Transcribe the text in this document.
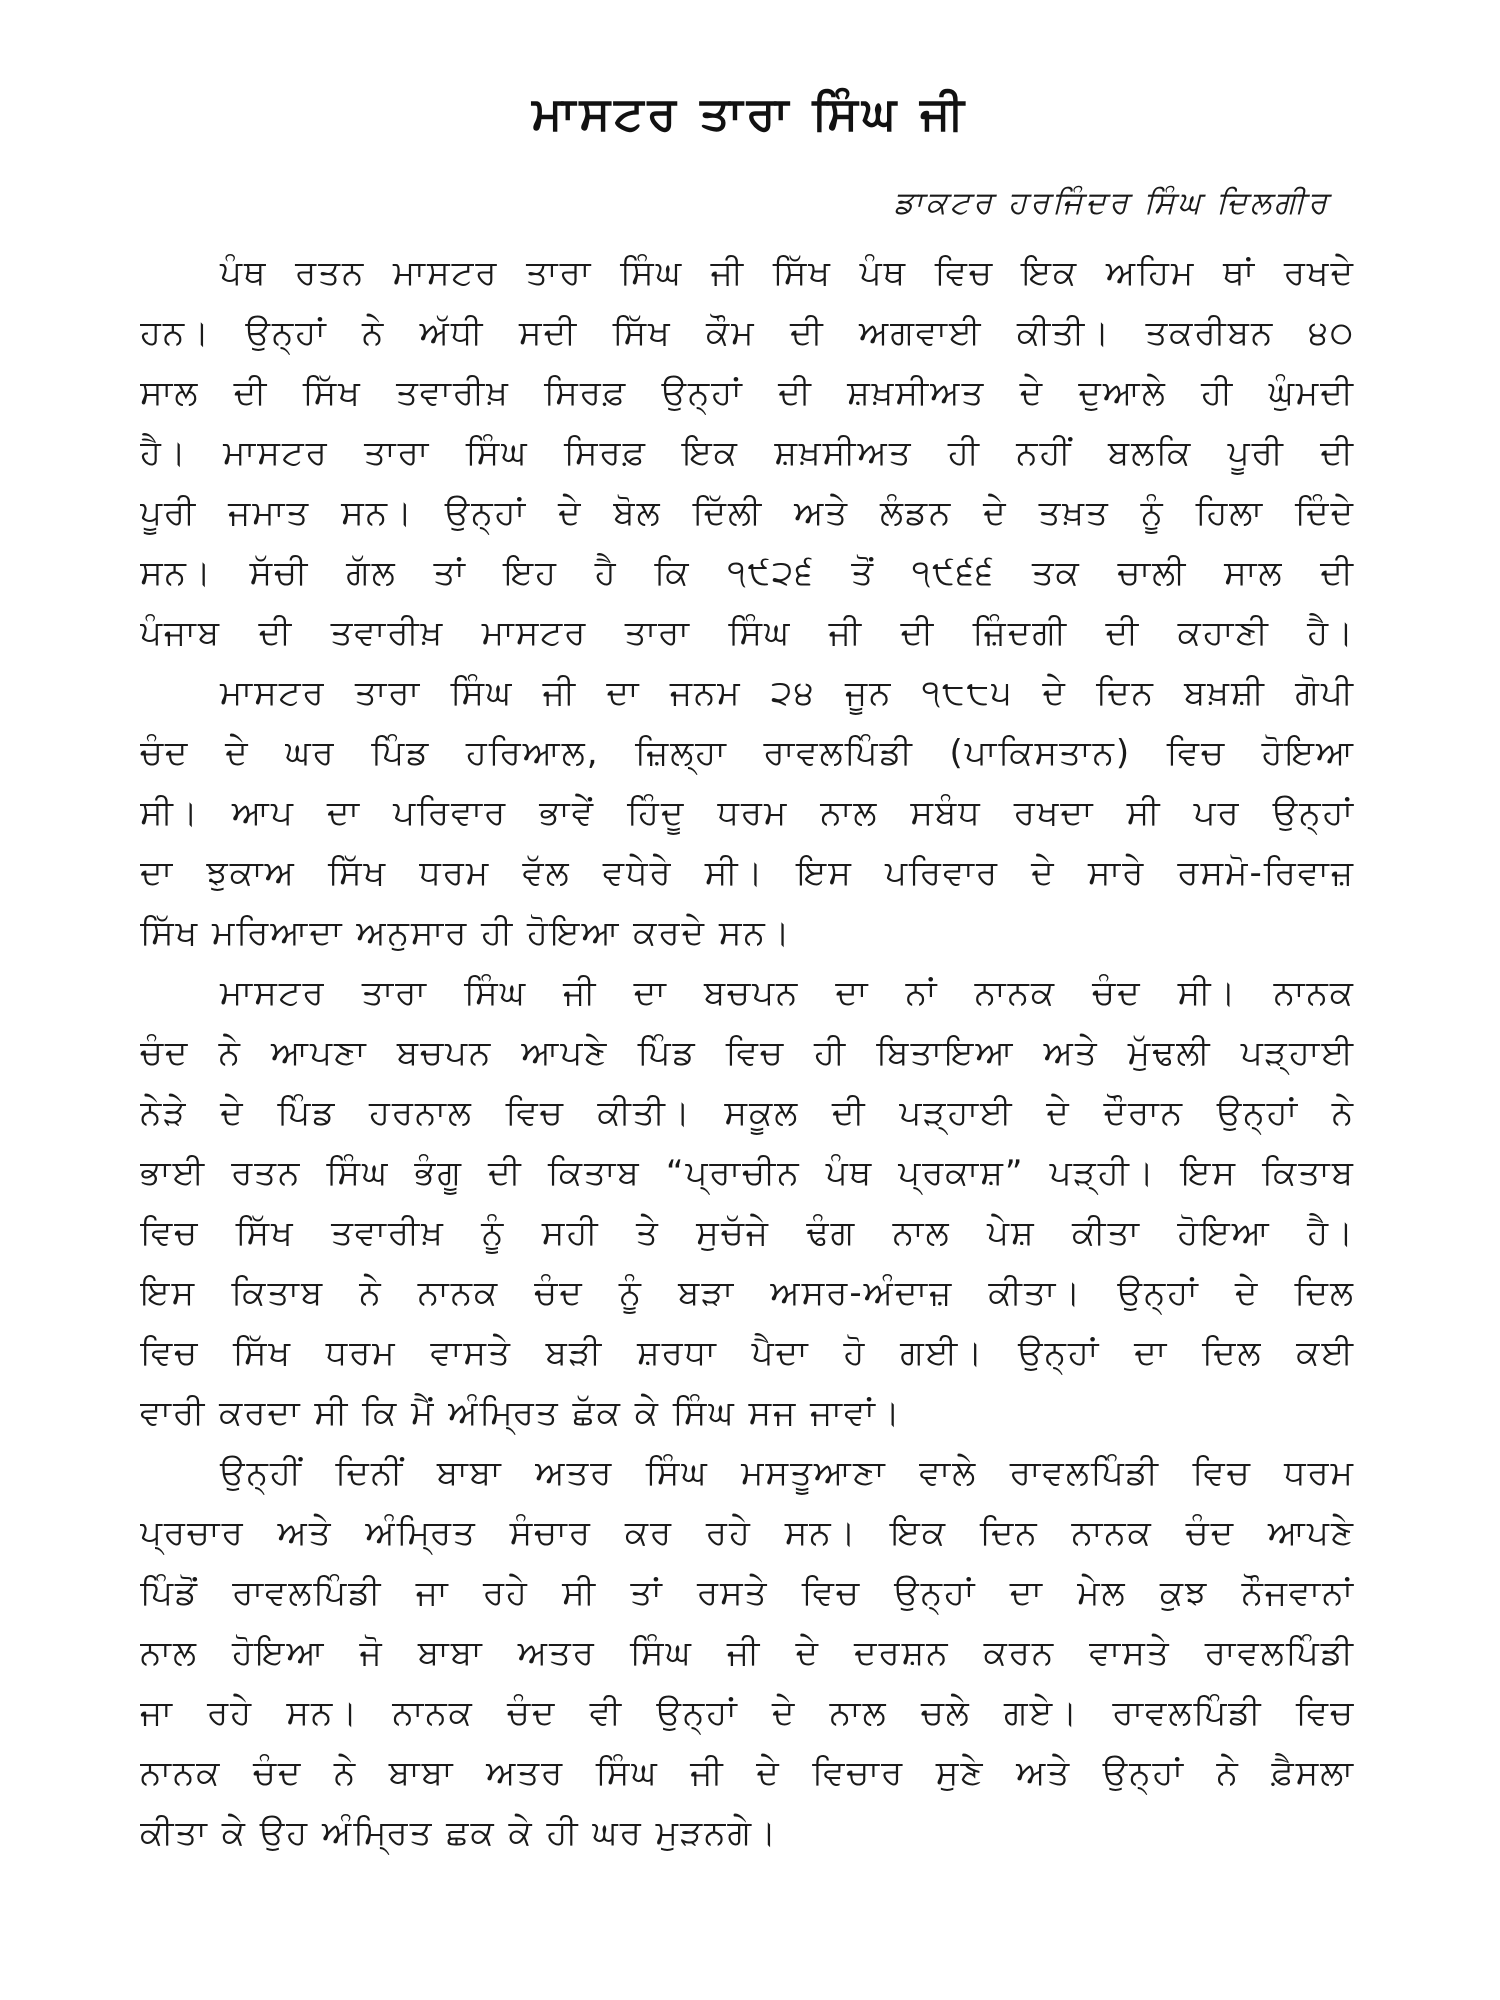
ਮਾਸਟਰ ਤਾਰਾ ਸਿੰਘ ਜੀ
ਡਾਕਟਰ ਹਰਜਿੰਦਰ ਸਿੰਘ ਦਿਲਗੀਰ
ਪੰਥ ਰਤਨ ਮਾਸਟਰ ਤਾਰਾ ਸਿੰਘ ਜੀ ਸਿੱਖ ਪੰਥ ਵਿਚ ਇਕ ਅਹਿਮ ਥਾਂ ਰਖਦੇ
ਹਨ। ਉਨ੍ਹਾਂ ਨੇ ਅੱਧੀ ਸਦੀ ਸਿੱਖ ਕੌਮ ਦੀ ਅਗਵਾਈ ਕੀਤੀ। ਤਕਰੀਬਨ ੪੦
ਸਾਲ ਦੀ ਸਿੱਖ ਤਵਾਰੀਖ਼ ਸਿਰਫ਼ ਉਨ੍ਹਾਂ ਦੀ ਸ਼ਖ਼ਸੀਅਤ ਦੇ ਦੁਆਲੇ ਹੀ ਘੁੰਮਦੀ
ਹੈ। ਮਾਸਟਰ ਤਾਰਾ ਸਿੰਘ ਸਿਰਫ਼ ਇਕ ਸ਼ਖ਼ਸੀਅਤ ਹੀ ਨਹੀਂ ਬਲਕਿ ਪੂਰੀ ਦੀ
ਪੂਰੀ ਜਮਾਤ ਸਨ। ਉਨ੍ਹਾਂ ਦੇ ਬੋਲ ਦਿੱਲੀ ਅਤੇ ਲੰਡਨ ਦੇ ਤਖ਼ਤ ਨੂੰ ਹਿਲਾ ਦਿੰਦੇ
ਸਨ। ਸੱਚੀ ਗੱਲ ਤਾਂ ਇਹ ਹੈ ਕਿ ੧੯੨੬ ਤੋਂ ੧੯੬੬ ਤਕ ਚਾਲੀ ਸਾਲ ਦੀ
ਪੰਜਾਬ ਦੀ ਤਵਾਰੀਖ਼ ਮਾਸਟਰ ਤਾਰਾ ਸਿੰਘ ਜੀ ਦੀ ਜ਼ਿੰਦਗੀ ਦੀ ਕਹਾਣੀ ਹੈ।
ਮਾਸਟਰ ਤਾਰਾ ਸਿੰਘ ਜੀ ਦਾ ਜਨਮ ੨੪ ਜੂਨ ੧੮੮੫ ਦੇ ਦਿਨ ਬਖ਼ਸ਼ੀ ਗੋਪੀ
ਚੰਦ ਦੇ ਘਰ ਪਿੰਡ ਹਰਿਆਲ, ਜ਼ਿਲ੍ਹਾ ਰਾਵਲਪਿੰਡੀ (ਪਾਕਿਸਤਾਨ) ਵਿਚ ਹੋਇਆ
ਸੀ। ਆਪ ਦਾ ਪਰਿਵਾਰ ਭਾਵੇਂ ਹਿੰਦੂ ਧਰਮ ਨਾਲ ਸਬੰਧ ਰਖਦਾ ਸੀ ਪਰ ਉਨ੍ਹਾਂ
ਦਾ ਝੁਕਾਅ ਸਿੱਖ ਧਰਮ ਵੱਲ ਵਧੇਰੇ ਸੀ। ਇਸ ਪਰਿਵਾਰ ਦੇ ਸਾਰੇ ਰਸਮੋ-ਰਿਵਾਜ਼
ਸਿੱਖ ਮਰਿਆਦਾ ਅਨੁਸਾਰ ਹੀ ਹੋਇਆ ਕਰਦੇ ਸਨ।
ਮਾਸਟਰ ਤਾਰਾ ਸਿੰਘ ਜੀ ਦਾ ਬਚਪਨ ਦਾ ਨਾਂ ਨਾਨਕ ਚੰਦ ਸੀ। ਨਾਨਕ
ਚੰਦ ਨੇ ਆਪਣਾ ਬਚਪਨ ਆਪਣੇ ਪਿੰਡ ਵਿਚ ਹੀ ਬਿਤਾਇਆ ਅਤੇ ਮੁੱਢਲੀ ਪੜ੍ਹਾਈ
ਨੇੜੇ ਦੇ ਪਿੰਡ ਹਰਨਾਲ ਵਿਚ ਕੀਤੀ। ਸਕੂਲ ਦੀ ਪੜ੍ਹਾਈ ਦੇ ਦੌਰਾਨ ਉਨ੍ਹਾਂ ਨੇ
ਭਾਈ ਰਤਨ ਸਿੰਘ ਭੰਗੂ ਦੀ ਕਿਤਾਬ “ਪ੍ਰਾਚੀਨ ਪੰਥ ਪ੍ਰਕਾਸ਼” ਪੜ੍ਹੀ। ਇਸ ਕਿਤਾਬ
ਵਿਚ ਸਿੱਖ ਤਵਾਰੀਖ਼ ਨੂੰ ਸਹੀ ਤੇ ਸੁਚੱਜੇ ਢੰਗ ਨਾਲ ਪੇਸ਼ ਕੀਤਾ ਹੋਇਆ ਹੈ।
ਇਸ ਕਿਤਾਬ ਨੇ ਨਾਨਕ ਚੰਦ ਨੂੰ ਬੜਾ ਅਸਰ-ਅੰਦਾਜ਼ ਕੀਤਾ। ਉਨ੍ਹਾਂ ਦੇ ਦਿਲ
ਵਿਚ ਸਿੱਖ ਧਰਮ ਵਾਸਤੇ ਬੜੀ ਸ਼ਰਧਾ ਪੈਦਾ ਹੋ ਗਈ। ਉਨ੍ਹਾਂ ਦਾ ਦਿਲ ਕਈ
ਵਾਰੀ ਕਰਦਾ ਸੀ ਕਿ ਮੈਂ ਅੰਮ੍ਰਿਤ ਛੱਕ ਕੇ ਸਿੰਘ ਸਜ ਜਾਵਾਂ।
ਉਨ੍ਹੀਂ ਦਿਨੀਂ ਬਾਬਾ ਅਤਰ ਸਿੰਘ ਮਸਤੂਆਣਾ ਵਾਲੇ ਰਾਵਲਪਿੰਡੀ ਵਿਚ ਧਰਮ
ਪ੍ਰਚਾਰ ਅਤੇ ਅੰਮ੍ਰਿਤ ਸੰਚਾਰ ਕਰ ਰਹੇ ਸਨ। ਇਕ ਦਿਨ ਨਾਨਕ ਚੰਦ ਆਪਣੇ
ਪਿੰਡੋਂ ਰਾਵਲਪਿੰਡੀ ਜਾ ਰਹੇ ਸੀ ਤਾਂ ਰਸਤੇ ਵਿਚ ਉਨ੍ਹਾਂ ਦਾ ਮੇਲ ਕੁਝ ਨੌਜਵਾਨਾਂ
ਨਾਲ ਹੋਇਆ ਜੋ ਬਾਬਾ ਅਤਰ ਸਿੰਘ ਜੀ ਦੇ ਦਰਸ਼ਨ ਕਰਨ ਵਾਸਤੇ ਰਾਵਲਪਿੰਡੀ
ਜਾ ਰਹੇ ਸਨ। ਨਾਨਕ ਚੰਦ ਵੀ ਉਨ੍ਹਾਂ ਦੇ ਨਾਲ ਚਲੇ ਗਏ। ਰਾਵਲਪਿੰਡੀ ਵਿਚ
ਨਾਨਕ ਚੰਦ ਨੇ ਬਾਬਾ ਅਤਰ ਸਿੰਘ ਜੀ ਦੇ ਵਿਚਾਰ ਸੁਣੇ ਅਤੇ ਉਨ੍ਹਾਂ ਨੇ ਫ਼ੈਸਲਾ
ਕੀਤਾ ਕੇ ਉਹ ਅੰਮ੍ਰਿਤ ਛਕ ਕੇ ਹੀ ਘਰ ਮੁੜਨਗੇ।
